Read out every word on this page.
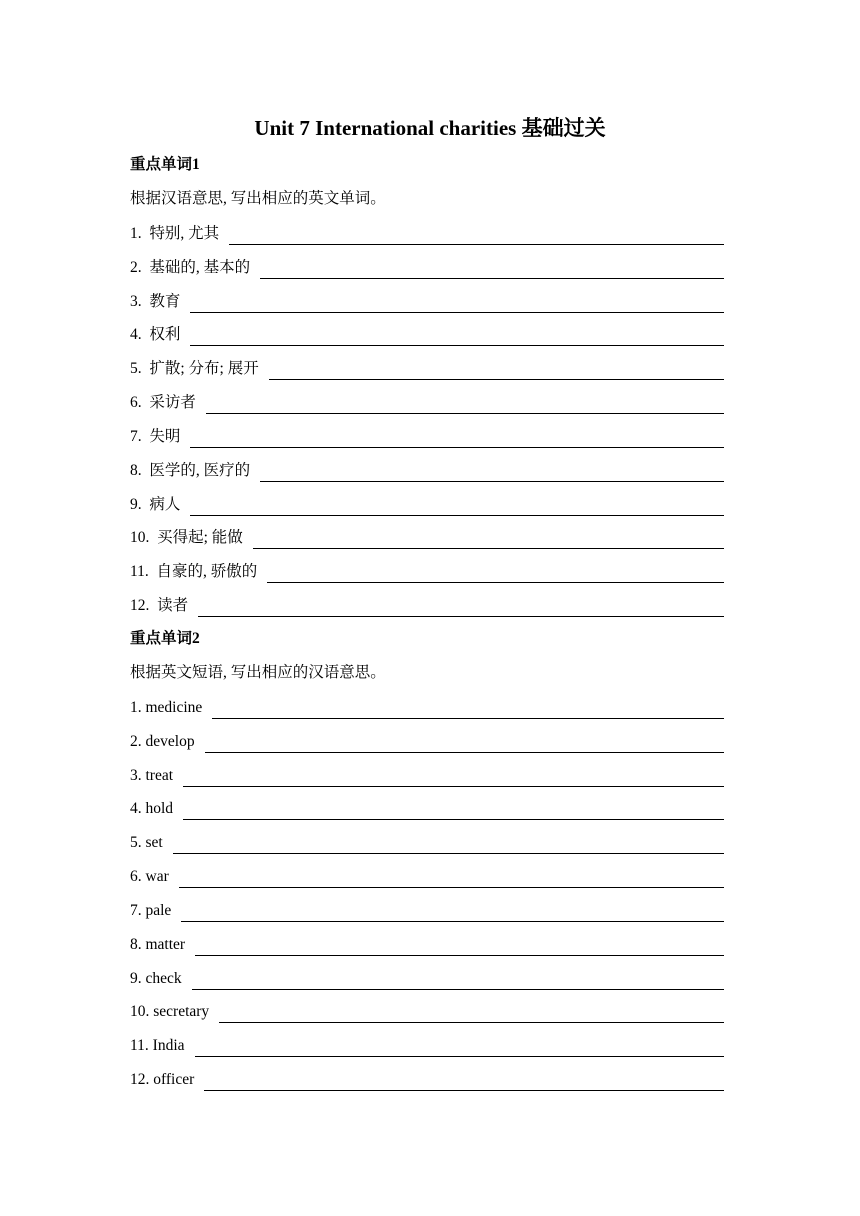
Unit 7 International charities 基础过关
重点单词1
根据汉语意思, 写出相应的英文单词。
1.  特别, 尤其
2.  基础的, 基本的
3.  教育
4.  权利
5.  扩散; 分布; 展开
6.  采访者
7.  失明
8.  医学的, 医疗的
9.  病人
10.  买得起; 能做
11.  自豪的, 骄傲的
12.  读者
重点单词2
根据英文短语, 写出相应的汉语意思。
1. medicine
2. develop
3. treat
4. hold
5. set
6. war
7. pale
8. matter
9. check
10. secretary
11. India
12. officer
